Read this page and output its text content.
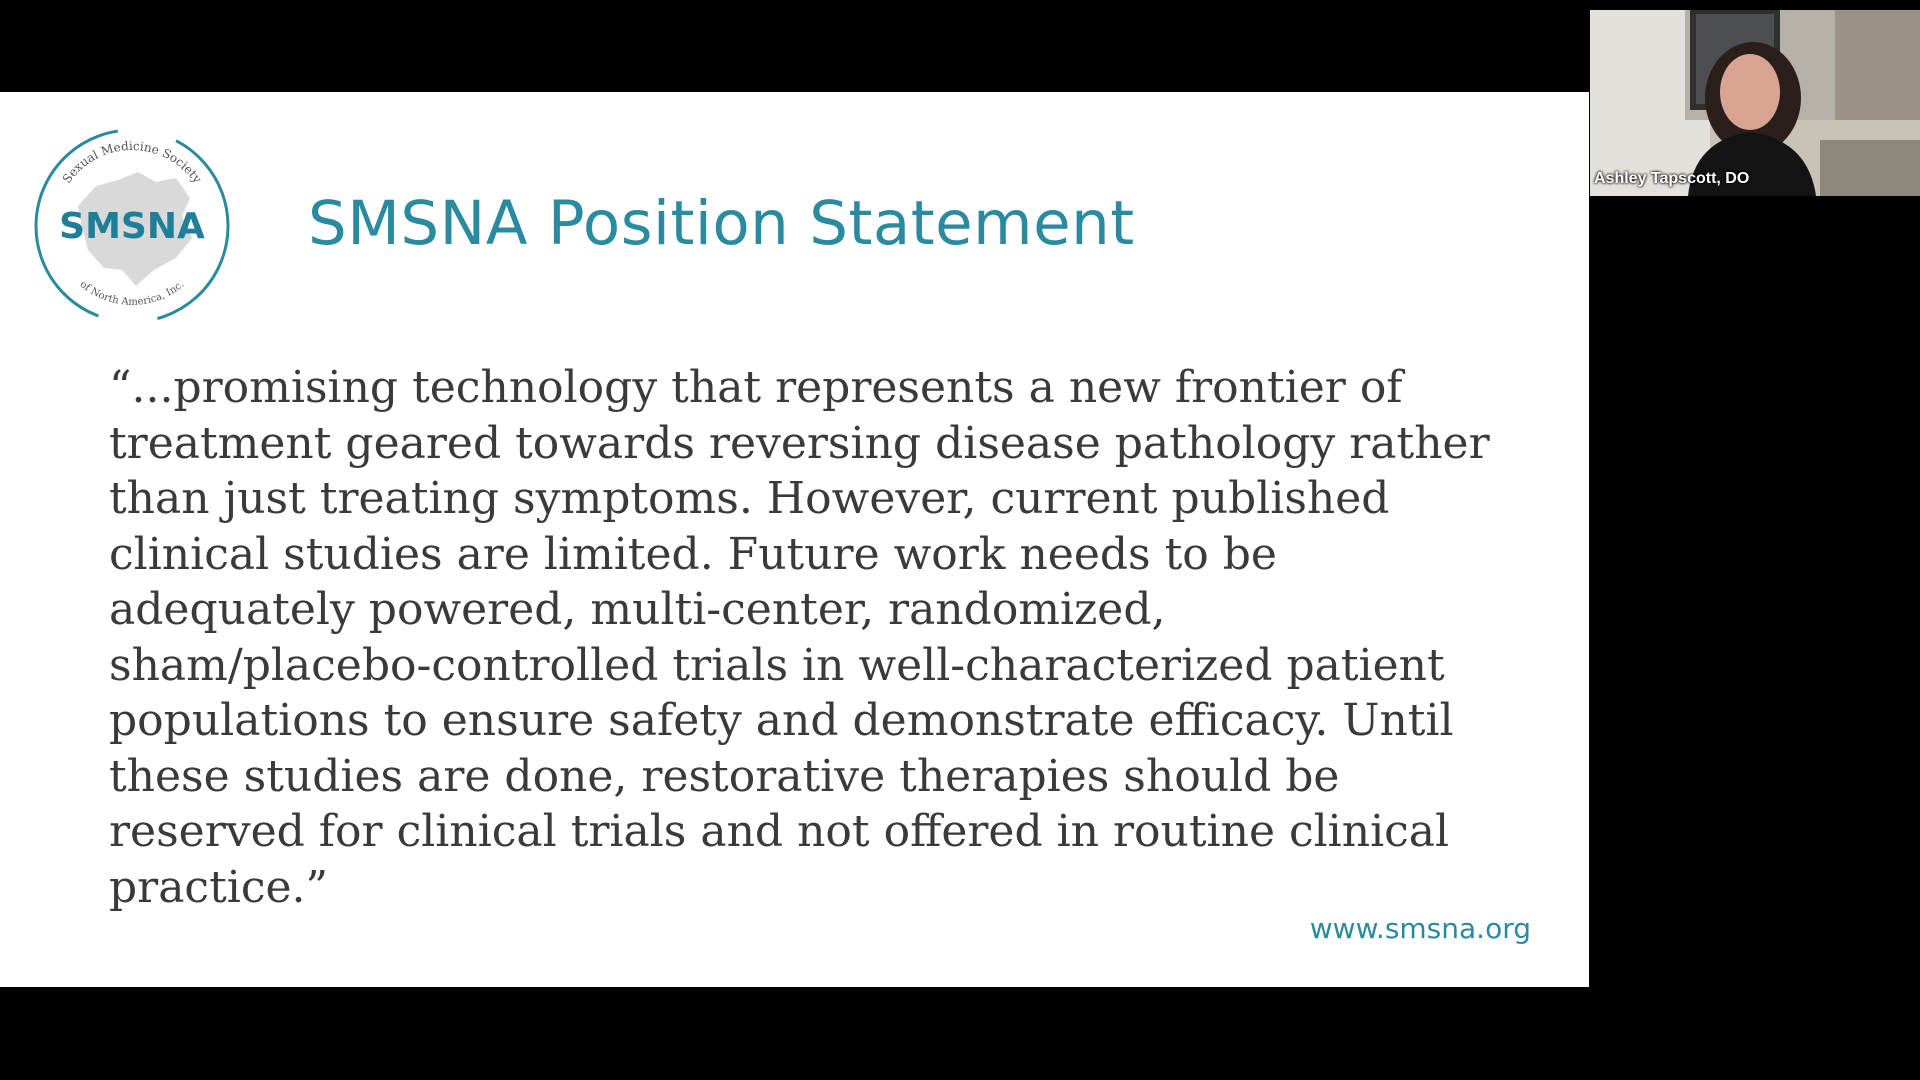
Sexual Medicine Society
SMSNA
of North America, Inc.
SMSNA Position Statement

“...promising technology that represents a new frontier of
treatment geared towards reversing disease pathology rather
than just treating symptoms. However, current published
clinical studies are limited. Future work needs to be
adequately powered, multi-center, randomized,
sham/placebo-controlled trials in well-characterized patient
populations to ensure safety and demonstrate efficacy. Until
these studies are done, restorative therapies should be
reserved for clinical trials and not offered in routine clinical
practice.”

www.smsna.org
Ashley Tapscott, DO
